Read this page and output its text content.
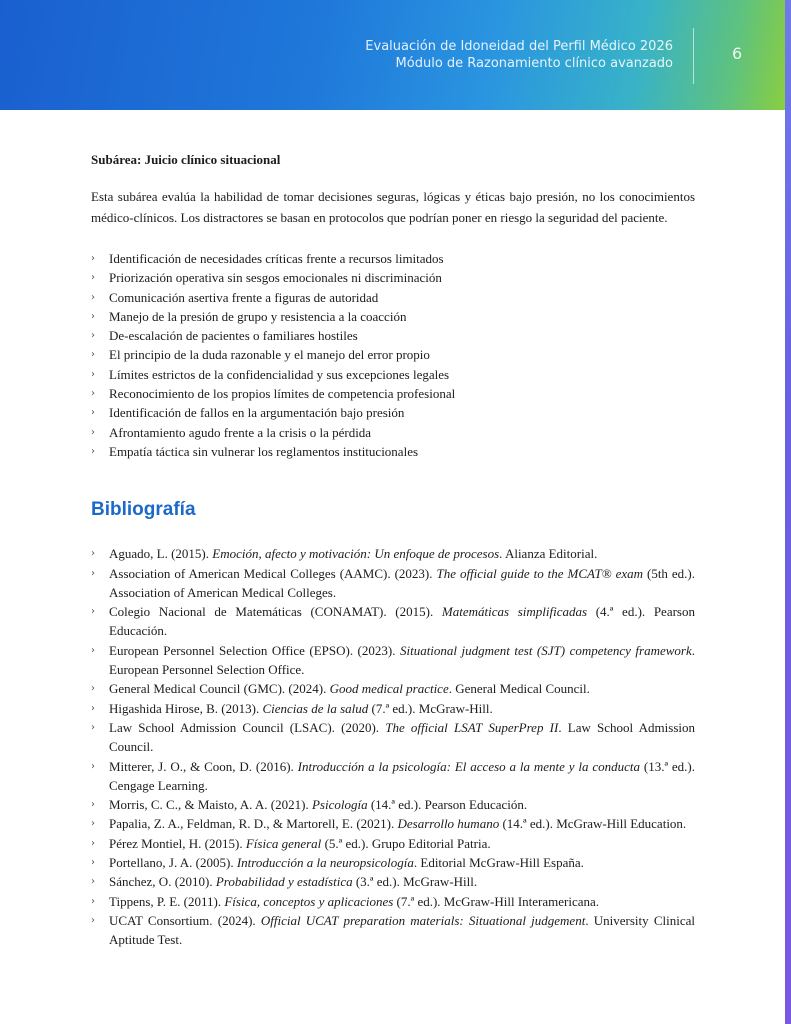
Evaluación de Idoneidad del Perfil Médico 2026
Módulo de Razonamiento clínico avanzado
6
Subárea: Juicio clínico situacional
Esta subárea evalúa la habilidad de tomar decisiones seguras, lógicas y éticas bajo presión, no los conocimientos médico-clínicos. Los distractores se basan en protocolos que podrían poner en riesgo la seguridad del paciente.
› Identificación de necesidades críticas frente a recursos limitados
› Priorización operativa sin sesgos emocionales ni discriminación
› Comunicación asertiva frente a figuras de autoridad
› Manejo de la presión de grupo y resistencia a la coacción
› De-escalación de pacientes o familiares hostiles
› El principio de la duda razonable y el manejo del error propio
› Límites estrictos de la confidencialidad y sus excepciones legales
› Reconocimiento de los propios límites de competencia profesional
› Identificación de fallos en la argumentación bajo presión
› Afrontamiento agudo frente a la crisis o la pérdida
› Empatía táctica sin vulnerar los reglamentos institucionales
Bibliografía
› Aguado, L. (2015). Emoción, afecto y motivación: Un enfoque de procesos. Alianza Editorial.
› Association of American Medical Colleges (AAMC). (2023). The official guide to the MCAT® exam (5th ed.). Association of American Medical Colleges.
› Colegio Nacional de Matemáticas (CONAMAT). (2015). Matemáticas simplificadas (4.ª ed.). Pearson Educación.
› European Personnel Selection Office (EPSO). (2023). Situational judgment test (SJT) competency framework. European Personnel Selection Office.
› General Medical Council (GMC). (2024). Good medical practice. General Medical Council.
› Higashida Hirose, B. (2013). Ciencias de la salud (7.ª ed.). McGraw-Hill.
› Law School Admission Council (LSAC). (2020). The official LSAT SuperPrep II. Law School Admission Council.
› Mitterer, J. O., & Coon, D. (2016). Introducción a la psicología: El acceso a la mente y la conducta (13.ª ed.). Cengage Learning.
› Morris, C. C., & Maisto, A. A. (2021). Psicología (14.ª ed.). Pearson Educación.
› Papalia, Z. A., Feldman, R. D., & Martorell, E. (2021). Desarrollo humano (14.ª ed.). McGraw-Hill Education.
› Pérez Montiel, H. (2015). Física general (5.ª ed.). Grupo Editorial Patria.
› Portellano, J. A. (2005). Introducción a la neuropsicología. Editorial McGraw-Hill España.
› Sánchez, O. (2010). Probabilidad y estadística (3.ª ed.). McGraw-Hill.
› Tippens, P. E. (2011). Física, conceptos y aplicaciones (7.ª ed.). McGraw-Hill Interamericana.
› UCAT Consortium. (2024). Official UCAT preparation materials: Situational judgement. University Clinical Aptitude Test.
